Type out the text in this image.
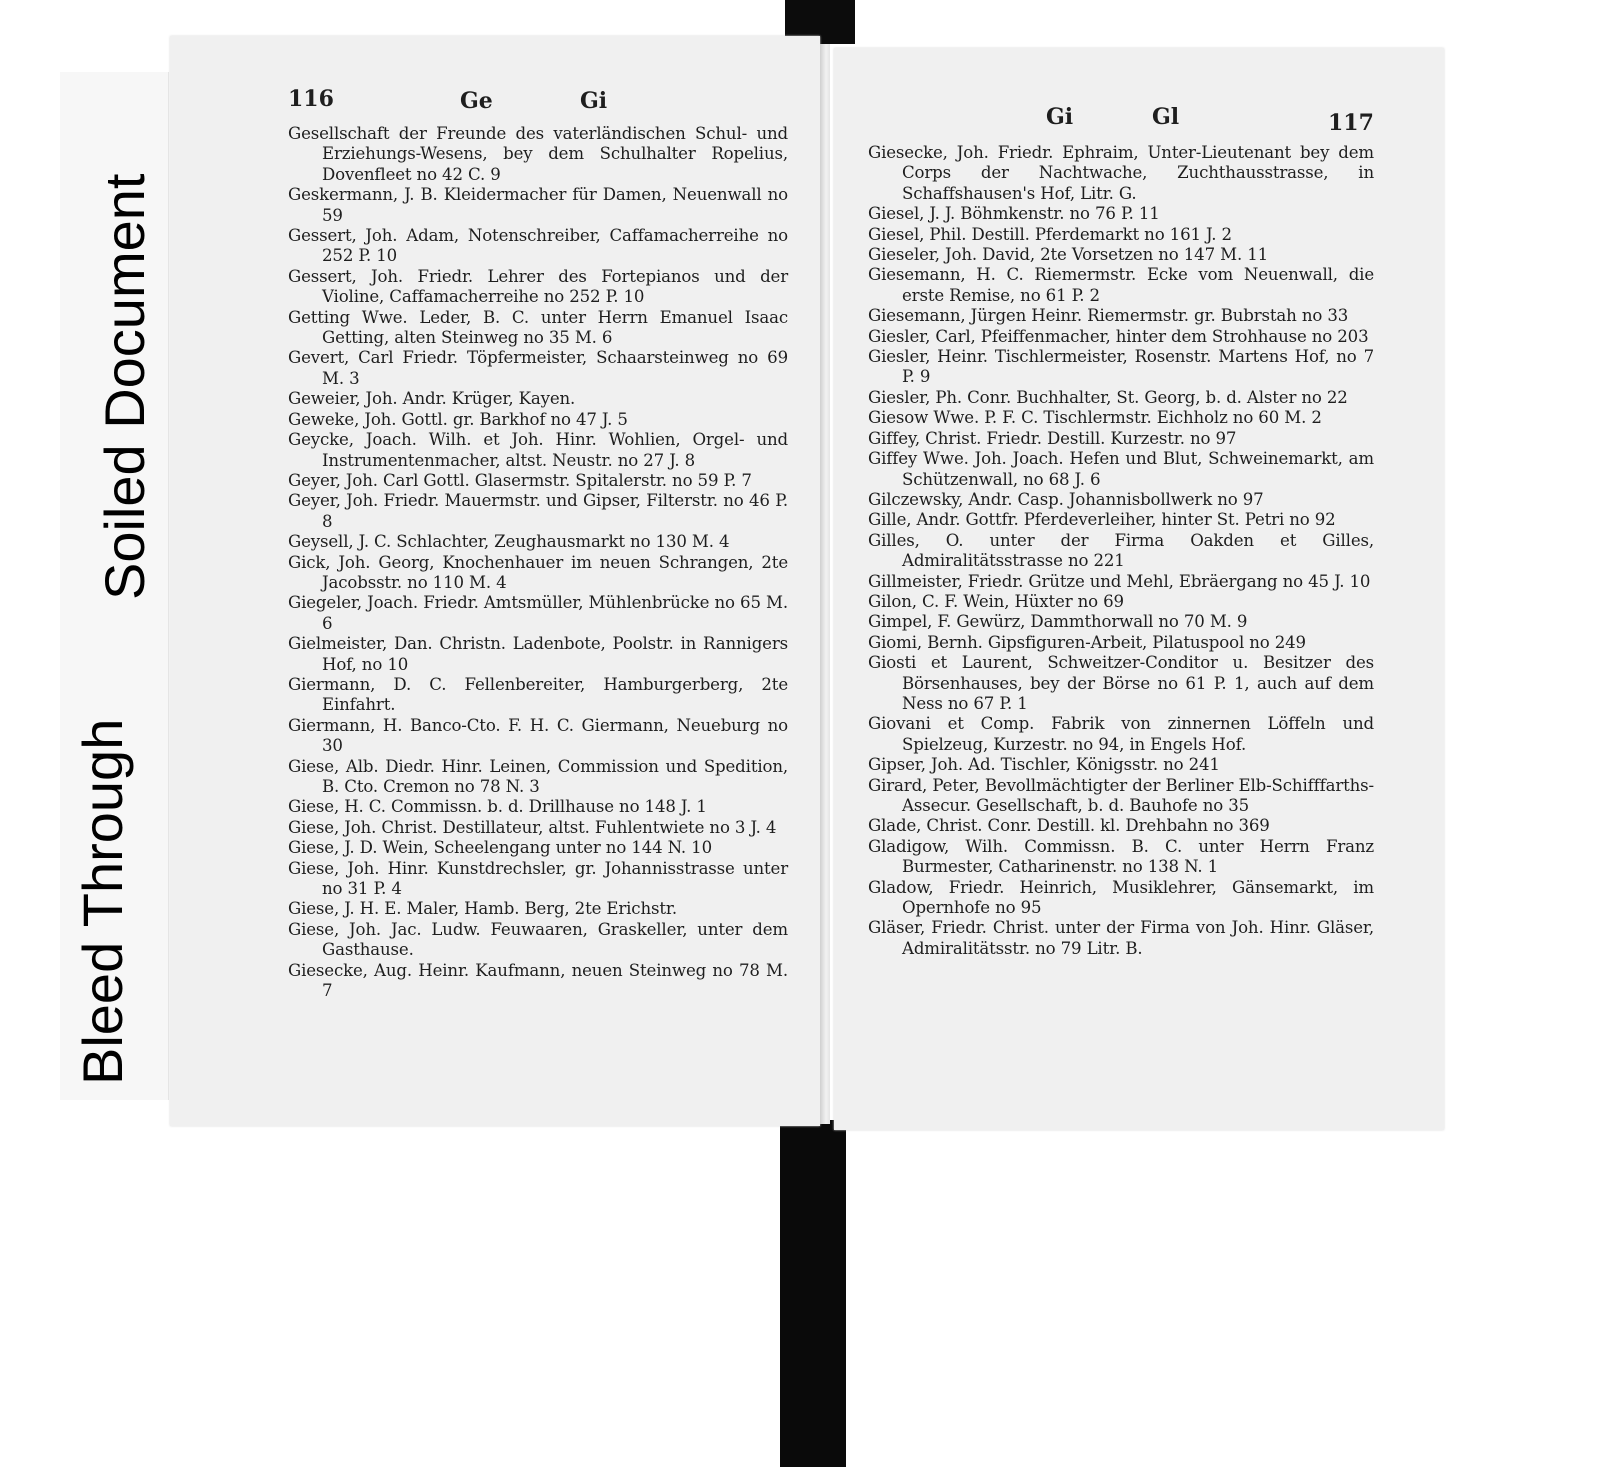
Soiled Document
Bleed Through
116	Ge	Gi

Gesellschaft der Freunde des vaterländischen Schul- und Erziehungs-Wesens, bey dem Schulhalter Ropelius, Dovenfleet no 42 C. 9

Geskermann, J. B. Kleidermacher für Damen, Neuenwall no 59

Gessert, Joh. Adam, Notenschreiber, Caffamacherreihe no 252 P. 10

Gessert, Joh. Friedr. Lehrer des Fortepianos und der Violine, Caffamacherreihe no 252 P. 10

Getting Wwe. Leder, B. C. unter Herrn Emanuel Isaac Getting, alten Steinweg no 35 M. 6

Gevert, Carl Friedr. Töpfermeister, Schaarsteinweg no 69 M. 3

Geweier, Joh. Andr. Krüger, Kayen.

Geweke, Joh. Gottl. gr. Barkhof no 47 J. 5

Geycke, Joach. Wilh. et Joh. Hinr. Wohlien, Orgel- und Instrumentenmacher, altst. Neustr. no 27 J. 8

Geyer, Joh. Carl Gottl. Glasermstr. Spitalerstr. no 59 P. 7

Geyer, Joh. Friedr. Mauermstr. und Gipser, Filterstr. no 46 P. 8

Geysell, J. C. Schlachter, Zeughausmarkt no 130 M. 4

Gick, Joh. Georg, Knochenhauer im neuen Schrangen, 2te Jacobsstr. no 110 M. 4

Giegeler, Joach. Friedr. Amtsmüller, Mühlenbrücke no 65 M. 6

Gielmeister, Dan. Christn. Ladenbote, Poolstr. in Rannigers Hof, no 10

Giermann, D. C. Fellenbereiter, Hamburgerberg, 2te Einfahrt.

Giermann, H. Banco-Cto. F. H. C. Giermann, Neueburg no 30

Giese, Alb. Diedr. Hinr. Leinen, Commission und Spedition, B. Cto. Cremon no 78 N. 3

Giese, H. C. Commissn. b. d. Drillhause no 148 J. 1

Giese, Joh. Christ. Destillateur, altst. Fuhlentwiete no 3 J. 4

Giese, J. D. Wein, Scheelengang unter no 144 N. 10

Giese, Joh. Hinr. Kunstdrechsler, gr. Johannisstrasse unter no 31 P. 4

Giese, J. H. E. Maler, Hamb. Berg, 2te Erichstr.

Giese, Joh. Jac. Ludw. Feuwaaren, Graskeller, unter dem Gasthause.

Giesecke, Aug. Heinr. Kaufmann, neuen Steinweg no 78 M. 7

Gi	Gl	117

Giesecke, Joh. Friedr. Ephraim, Unter-Lieutenant bey dem Corps der Nachtwache, Zuchthausstrasse, in Schaffshausen's Hof, Litr. G.

Giesel, J. J. Böhmkenstr. no 76 P. 11

Giesel, Phil. Destill. Pferdemarkt no 161 J. 2

Gieseler, Joh. David, 2te Vorsetzen no 147 M. 11

Giesemann, H. C. Riemermstr. Ecke vom Neuenwall, die erste Remise, no 61 P. 2

Giesemann, Jürgen Heinr. Riemermstr. gr. Bubrstah no 33

Giesler, Carl, Pfeiffenmacher, hinter dem Strohhause no 203

Giesler, Heinr. Tischlermeister, Rosenstr. Martens Hof, no 7 P. 9

Giesler, Ph. Conr. Buchhalter, St. Georg, b. d. Alster no 22

Giesow Wwe. P. F. C. Tischlermstr. Eichholz no 60 M. 2

Giffey, Christ. Friedr. Destill. Kurzestr. no 97

Giffey Wwe. Joh. Joach. Hefen und Blut, Schweinemarkt, am Schützenwall, no 68 J. 6

Gilczewsky, Andr. Casp. Johannisbollwerk no 97

Gille, Andr. Gottfr. Pferdeverleiher, hinter St. Petri no 92

Gilles, O. unter der Firma Oakden et Gilles, Admiralitätsstrasse no 221

Gillmeister, Friedr. Grütze und Mehl, Ebräergang no 45 J. 10

Gilon, C. F. Wein, Hüxter no 69

Gimpel, F. Gewürz, Dammthorwall no 70 M. 9

Giomi, Bernh. Gipsfiguren-Arbeit, Pilatuspool no 249

Giosti et Laurent, Schweitzer-Conditor u. Besitzer des Börsenhauses, bey der Börse no 61 P. 1, auch auf dem Ness no 67 P. 1

Giovani et Comp. Fabrik von zinnernen Löffeln und Spielzeug, Kurzestr. no 94, in Engels Hof.

Gipser, Joh. Ad. Tischler, Königsstr. no 241

Girard, Peter, Bevollmächtigter der Berliner Elb-Schifffarths-Assecur. Gesellschaft, b. d. Bauhofe no 35

Glade, Christ. Conr. Destill. kl. Drehbahn no 369

Gladigow, Wilh. Commissn. B. C. unter Herrn Franz Burmester, Catharinenstr. no 138 N. 1

Gladow, Friedr. Heinrich, Musiklehrer, Gänsemarkt, im Opernhofe no 95

Gläser, Friedr. Christ. unter der Firma von Joh. Hinr. Gläser, Admiralitätsstr. no 79 Litr. B.
